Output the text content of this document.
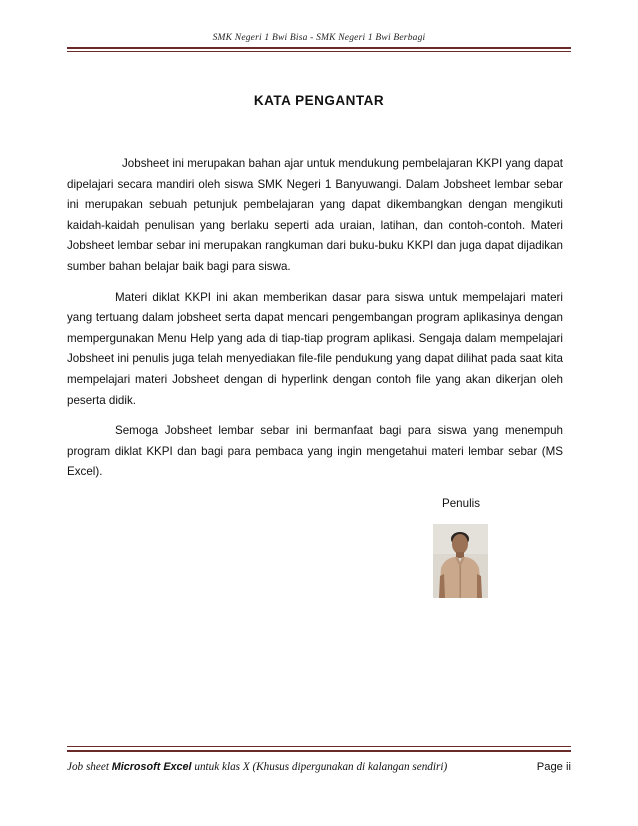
SMK Negeri 1 Bwi Bisa - SMK Negeri 1 Bwi Berbagi
KATA PENGANTAR

Jobsheet ini merupakan bahan ajar untuk mendukung pembelajaran KKPI yang dapat dipelajari secara mandiri oleh siswa SMK Negeri 1 Banyuwangi. Dalam Jobsheet lembar sebar ini merupakan sebuah petunjuk pembelajaran yang dapat dikembangkan dengan mengikuti kaidah-kaidah penulisan yang berlaku seperti ada uraian, latihan, dan contoh-contoh. Materi Jobsheet lembar sebar ini merupakan rangkuman dari buku-buku KKPI dan juga dapat dijadikan sumber bahan belajar baik bagi para siswa.

Materi diklat KKPI ini akan memberikan dasar para siswa untuk mempelajari materi yang tertuang dalam jobsheet serta dapat mencari pengembangan program aplikasinya dengan mempergunakan Menu Help yang ada di tiap-tiap program aplikasi. Sengaja dalam mempelajari Jobsheet ini penulis juga telah menyediakan file-file pendukung yang dapat dilihat pada saat kita mempelajari materi Jobsheet dengan di hyperlink dengan contoh file yang akan dikerjan oleh peserta didik.

Semoga Jobsheet lembar sebar ini bermanfaat bagi para siswa yang menempuh program diklat KKPI dan bagi para pembaca yang ingin mengetahui materi lembar sebar (MS Excel).

Penulis
Job sheet Microsoft Excel untuk klas X (Khusus dipergunakan di kalangan sendiri)	Page ii
